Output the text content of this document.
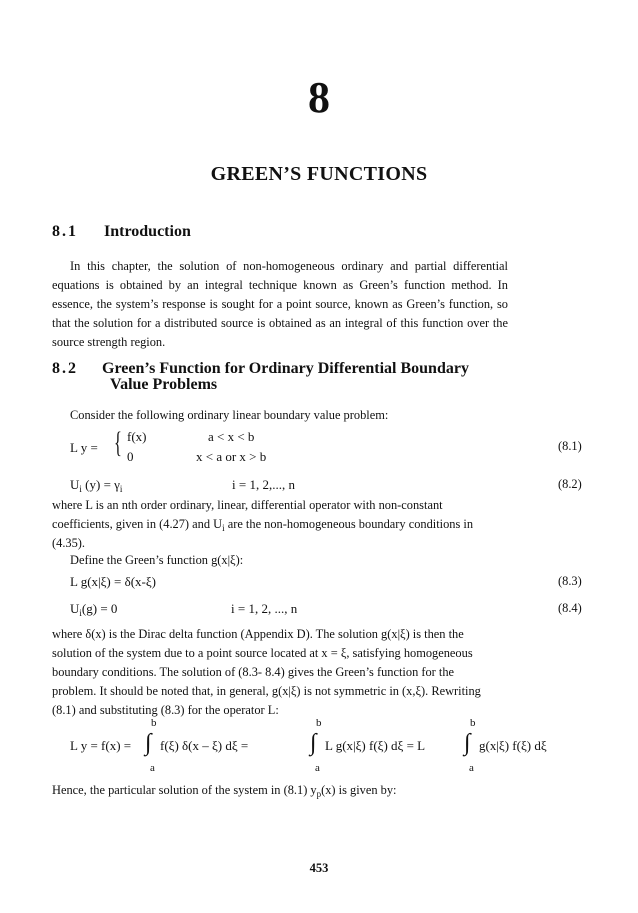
8
GREEN’S FUNCTIONS
8.1 Introduction
In this chapter, the solution of non-homogeneous ordinary and partial differential equations is obtained by an integral technique known as Green’s function method. In essence, the system’s response is sought for a point source, known as Green’s function, so that the solution for a distributed source is obtained as an integral of this function over the source strength region.
8.2 Green’s Function for Ordinary Differential Boundary
Value Problems
Consider the following ordinary linear boundary value problem:
L y = { f(x)	a < x < b
0	x < a or x > b
(8.1)
$U_i$ $(y) = \gamma_i$	i = 1, 2,..., n	(8.2)
where L is an nth order ordinary, linear, differential operator with non-constant
coefficients, given in (4.27) and $U_i$ are the non-homogeneous boundary conditions in
(4.35).
Define the Green’s function g(x|ξ):
L g(x|ξ) = δ(x-ξ)	(8.3)
$U_i(g) = 0$	i = 1, 2, ..., n	(8.4)
where δ(x) is the Dirac delta function (Appendix D). The solution g(x|ξ) is then the
solution of the system due to a point source located at x = ξ, satisfying homogeneous
boundary conditions. The solution of (8.3- 8.4) gives the Green’s function for the
problem. It should be noted that, in general, g(x|ξ) is not symmetric in (x,ξ). Rewriting
(8.1) and substituting (8.3) for the operator L:
b	b	b
L y = f(x) = ∫ f(ξ) δ(x – ξ) dξ =	∫ L g(x|ξ) f(ξ) dξ = L ∫ g(x|ξ) f(ξ) dξ
a	a	a
Hence, the particular solution of the system in (8.1) $y_p(x)$ is given by:
453
